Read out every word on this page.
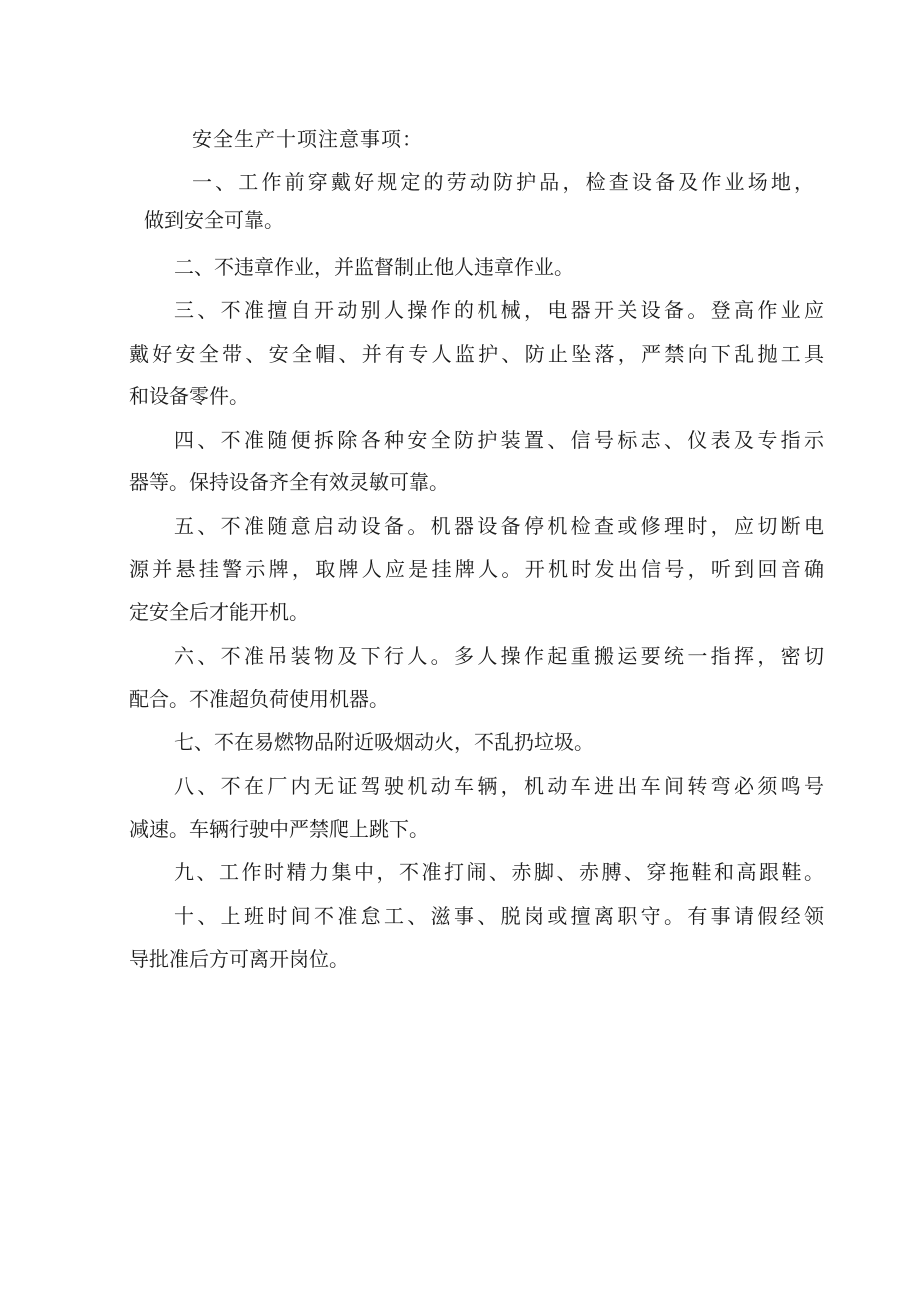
安全生产十项注意事项：
一、工作前穿戴好规定的劳动防护品，检查设备及作业场地，
做到安全可靠。
二、不违章作业，并监督制止他人违章作业。
三、不准擅自开动别人操作的机械，电器开关设备。登高作业应
戴好安全带、安全帽、并有专人监护、防止坠落，严禁向下乱抛工具
和设备零件。
四、不准随便拆除各种安全防护装置、信号标志、仪表及专指示
器等。保持设备齐全有效灵敏可靠。
五、不准随意启动设备。机器设备停机检查或修理时，应切断电
源并悬挂警示牌，取牌人应是挂牌人。开机时发出信号，听到回音确
定安全后才能开机。
六、不准吊装物及下行人。多人操作起重搬运要统一指挥，密切
配合。不准超负荷使用机器。
七、不在易燃物品附近吸烟动火，不乱扔垃圾。
八、不在厂内无证驾驶机动车辆，机动车进出车间转弯必须鸣号
减速。车辆行驶中严禁爬上跳下。
九、工作时精力集中，不准打闹、赤脚、赤膊、穿拖鞋和高跟鞋。
十、上班时间不准怠工、滋事、脱岗或擅离职守。有事请假经领
导批准后方可离开岗位。
